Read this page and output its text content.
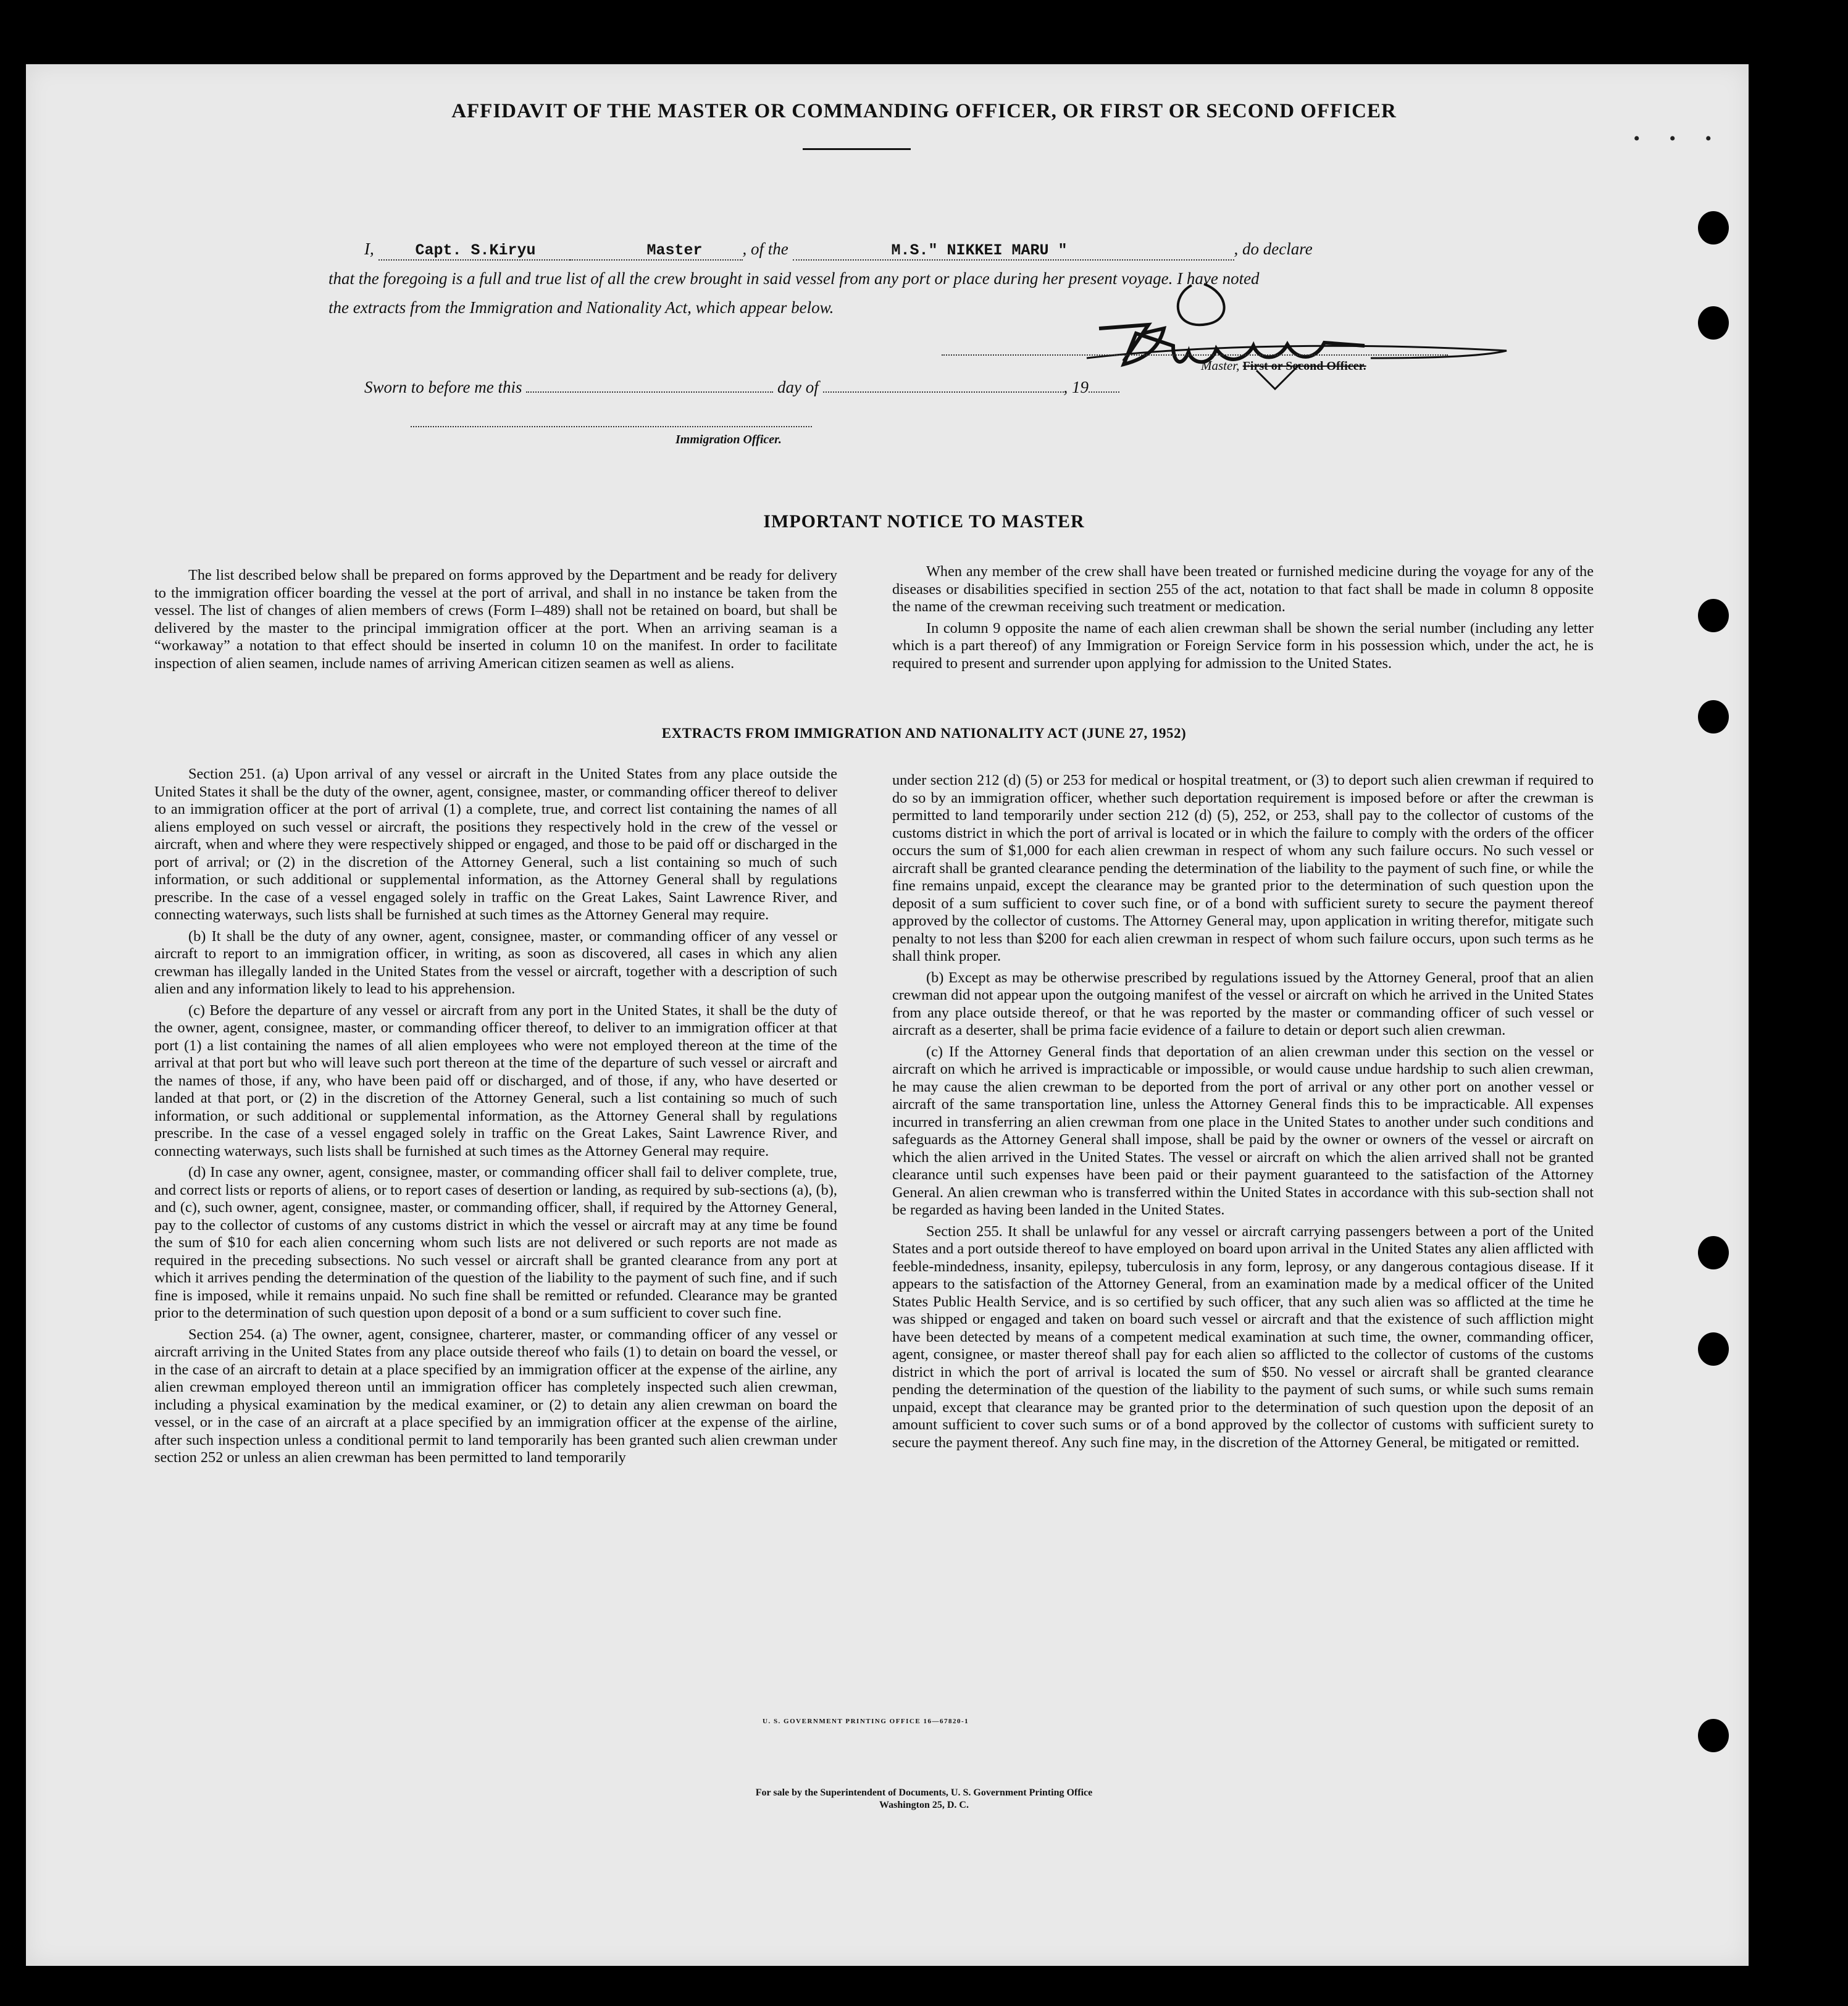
• • •
AFFIDAVIT OF THE MASTER OR COMMANDING OFFICER, OR FIRST OR SECOND OFFICER
I,	Capt. S.Kiryu	Master , of the	M.S." NIKKEI MARU "	, do declare
that the foregoing is a full and true list of all the crew brought in said vessel from any port or place during her present voyage. I have noted
the extracts from the Immigration and Nationality Act, which appear below.
Master, First or Second Officer.
Sworn to before me this	day of	, 19
Immigration Officer.
IMPORTANT NOTICE TO MASTER

The list described below shall be prepared on forms approved by the Department and be ready for delivery to the immigration officer boarding the vessel at the port of arrival, and shall in no instance be taken from the vessel. The list of changes of alien members of crews (Form I–489) shall not be retained on board, but shall be delivered by the master to the principal immigration officer at the port. When an arriving seaman is a “workaway” a notation to that effect should be inserted in column 10 on the manifest. In order to facilitate inspection of alien seamen, include names of arriving American citizen seamen as well as aliens.

When any member of the crew shall have been treated or furnished medicine during the voyage for any of the diseases or disabilities specified in section 255 of the act, notation to that fact shall be made in column 8 opposite the name of the crewman receiving such treatment or medication.

In column 9 opposite the name of each alien crewman shall be shown the serial number (including any letter which is a part thereof) of any Immigration or Foreign Service form in his possession which, under the act, he is required to present and surrender upon applying for admission to the United States.

EXTRACTS FROM IMMIGRATION AND NATIONALITY ACT (JUNE 27, 1952)

Section 251. (a) Upon arrival of any vessel or aircraft in the United States from any place outside the United States it shall be the duty of the owner, agent, consignee, master, or commanding officer thereof to deliver to an immigration officer at the port of arrival (1) a complete, true, and correct list containing the names of all aliens employed on such vessel or aircraft, the positions they respectively hold in the crew of the vessel or aircraft, when and where they were respectively shipped or engaged, and those to be paid off or discharged in the port of arrival; or (2) in the discretion of the Attorney General, such a list containing so much of such information, or such additional or supplemental information, as the Attorney General shall by regulations prescribe. In the case of a vessel engaged solely in traffic on the Great Lakes, Saint Lawrence River, and connecting waterways, such lists shall be furnished at such times as the Attorney General may require.

(b) It shall be the duty of any owner, agent, consignee, master, or commanding officer of any vessel or aircraft to report to an immigration officer, in writing, as soon as discovered, all cases in which any alien crewman has illegally landed in the United States from the vessel or aircraft, together with a description of such alien and any information likely to lead to his apprehension.

(c) Before the departure of any vessel or aircraft from any port in the United States, it shall be the duty of the owner, agent, consignee, master, or commanding officer thereof, to deliver to an immigration officer at that port (1) a list containing the names of all alien employees who were not employed thereon at the time of the arrival at that port but who will leave such port thereon at the time of the departure of such vessel or aircraft and the names of those, if any, who have been paid off or discharged, and of those, if any, who have deserted or landed at that port, or (2) in the discretion of the Attorney General, such a list containing so much of such information, or such additional or supplemental information, as the Attorney General shall by regulations prescribe. In the case of a vessel engaged solely in traffic on the Great Lakes, Saint Lawrence River, and connecting waterways, such lists shall be furnished at such times as the Attorney General may require.

(d) In case any owner, agent, consignee, master, or commanding officer shall fail to deliver complete, true, and correct lists or reports of aliens, or to report cases of desertion or landing, as required by sub-sections (a), (b), and (c), such owner, agent, consignee, master, or commanding officer, shall, if required by the Attorney General, pay to the collector of customs of any customs district in which the vessel or aircraft may at any time be found the sum of $10 for each alien concerning whom such lists are not delivered or such reports are not made as required in the preceding subsections. No such vessel or aircraft shall be granted clearance from any port at which it arrives pending the determination of the question of the liability to the payment of such fine, and if such fine is imposed, while it remains unpaid. No such fine shall be remitted or refunded. Clearance may be granted prior to the determination of such question upon deposit of a bond or a sum sufficient to cover such fine.

Section 254. (a) The owner, agent, consignee, charterer, master, or commanding officer of any vessel or aircraft arriving in the United States from any place outside thereof who fails (1) to detain on board the vessel, or in the case of an aircraft to detain at a place specified by an immigration officer at the expense of the airline, any alien crewman employed thereon until an immigration officer has completely inspected such alien crewman, including a physical examination by the medical examiner, or (2) to detain any alien crewman on board the vessel, or in the case of an aircraft at a place specified by an immigration officer at the expense of the airline, after such inspection unless a conditional permit to land temporarily has been granted such alien crewman under section 252 or unless an alien crewman has been permitted to land temporarily

under section 212 (d) (5) or 253 for medical or hospital treatment, or (3) to deport such alien crewman if required to do so by an immigration officer, whether such deportation requirement is imposed before or after the crewman is permitted to land temporarily under section 212 (d) (5), 252, or 253, shall pay to the collector of customs of the customs district in which the port of arrival is located or in which the failure to comply with the orders of the officer occurs the sum of $1,000 for each alien crewman in respect of whom any such failure occurs. No such vessel or aircraft shall be granted clearance pending the determination of the liability to the payment of such fine, or while the fine remains unpaid, except the clearance may be granted prior to the determination of such question upon the deposit of a sum sufficient to cover such fine, or of a bond with sufficient surety to secure the payment thereof approved by the collector of customs. The Attorney General may, upon application in writing therefor, mitigate such penalty to not less than $200 for each alien crewman in respect of whom such failure occurs, upon such terms as he shall think proper.

(b) Except as may be otherwise prescribed by regulations issued by the Attorney General, proof that an alien crewman did not appear upon the outgoing manifest of the vessel or aircraft on which he arrived in the United States from any place outside thereof, or that he was reported by the master or commanding officer of such vessel or aircraft as a deserter, shall be prima facie evidence of a failure to detain or deport such alien crewman.

(c) If the Attorney General finds that deportation of an alien crewman under this section on the vessel or aircraft on which he arrived is impracticable or impossible, or would cause undue hardship to such alien crewman, he may cause the alien crewman to be deported from the port of arrival or any other port on another vessel or aircraft of the same transportation line, unless the Attorney General finds this to be impracticable. All expenses incurred in transferring an alien crewman from one place in the United States to another under such conditions and safeguards as the Attorney General shall impose, shall be paid by the owner or owners of the vessel or aircraft on which the alien arrived in the United States. The vessel or aircraft on which the alien arrived shall not be granted clearance until such expenses have been paid or their payment guaranteed to the satisfaction of the Attorney General. An alien crewman who is transferred within the United States in accordance with this sub-section shall not be regarded as having been landed in the United States.

Section 255. It shall be unlawful for any vessel or aircraft carrying passengers between a port of the United States and a port outside thereof to have employed on board upon arrival in the United States any alien afflicted with feeble-mindedness, insanity, epilepsy, tuberculosis in any form, leprosy, or any dangerous contagious disease. If it appears to the satisfaction of the Attorney General, from an examination made by a medical officer of the United States Public Health Service, and is so certified by such officer, that any such alien was so afflicted at the time he was shipped or engaged and taken on board such vessel or aircraft and that the existence of such affliction might have been detected by means of a competent medical examination at such time, the owner, commanding officer, agent, consignee, or master thereof shall pay for each alien so afflicted to the collector of customs of the customs district in which the port of arrival is located the sum of $50. No vessel or aircraft shall be granted clearance pending the determination of the question of the liability to the payment of such sums, or while such sums remain unpaid, except that clearance may be granted prior to the determination of such question upon the deposit of an amount sufficient to cover such sums or of a bond approved by the collector of customs with sufficient surety to secure the payment thereof. Any such fine may, in the discretion of the Attorney General, be mitigated or remitted.

U. S. GOVERNMENT PRINTING OFFICE 16—67820-1
For sale by the Superintendent of Documents, U. S. Government Printing Office
Washington 25, D. C.
